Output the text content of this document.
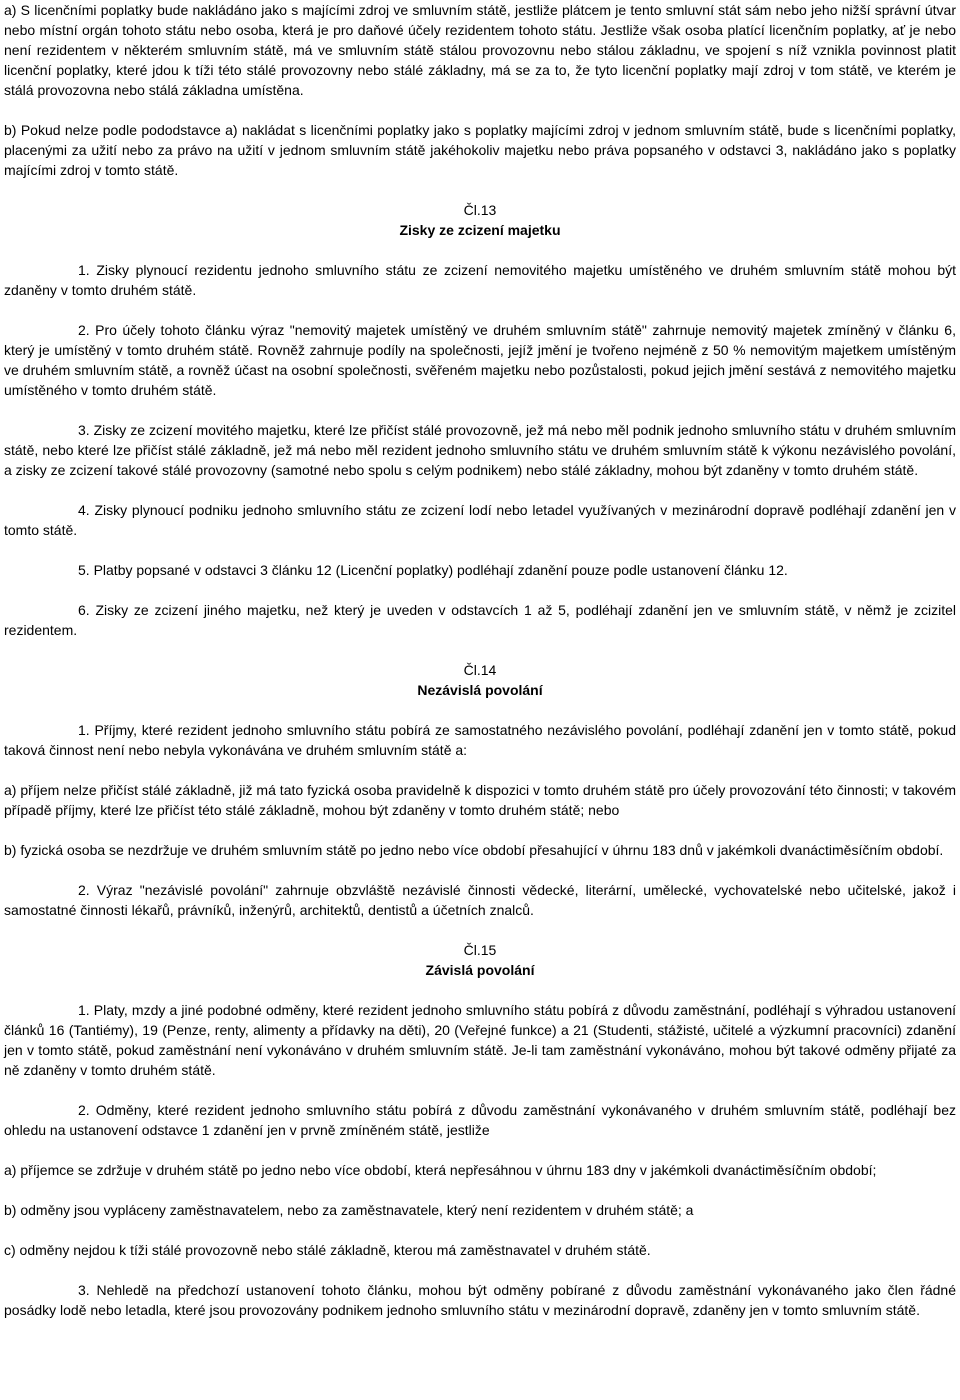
a) S licenčními poplatky bude nakládáno jako s majícími zdroj ve smluvním státě, jestliže plátcem je tento smluvní stát sám nebo jeho nižší správní útvar nebo místní orgán tohoto státu nebo osoba, která je pro daňové účely rezidentem tohoto státu. Jestliže však osoba platící licenčním poplatky, ať je nebo není rezidentem v některém smluvním státě, má ve smluvním státě stálou provozovnu nebo stálou základnu, ve spojení s níž vznikla povinnost platit licenční poplatky, které jdou k tíži této stálé provozovny nebo stálé základny, má se za to, že tyto licenční poplatky mají zdroj v tom státě, ve kterém je stálá provozovna nebo stálá základna umístěna.

b) Pokud nelze podle pododstavce a) nakládat s licenčními poplatky jako s poplatky majícími zdroj v jednom smluvním státě, bude s licenčními poplatky, placenými za užití nebo za právo na užití v jednom smluvním státě jakéhokoliv majetku nebo práva popsaného v odstavci 3, nakládáno jako s poplatky majícími zdroj v tomto státě.

Čl.13
Zisky ze zcizení majetku

1. Zisky plynoucí rezidentu jednoho smluvního státu ze zcizení nemovitého majetku umístěného ve druhém smluvním státě mohou být zdaněny v tomto druhém státě.

2. Pro účely tohoto článku výraz "nemovitý majetek umístěný ve druhém smluvním státě" zahrnuje nemovitý majetek zmíněný v článku 6, který je umístěný v tomto druhém státě. Rovněž zahrnuje podíly na společnosti, jejíž jmění je tvořeno nejméně z 50 % nemovitým majetkem umístěným ve druhém smluvním státě, a rovněž účast na osobní společnosti, svěřeném majetku nebo pozůstalosti, pokud jejich jmění sestává z nemovitého majetku umístěného v tomto druhém státě.

3. Zisky ze zcizení movitého majetku, které lze přičíst stálé provozovně, jež má nebo měl podnik jednoho smluvního státu v druhém smluvním státě, nebo které lze přičíst stálé základně, jež má nebo měl rezident jednoho smluvního státu ve druhém smluvním státě k výkonu nezávislého povolání, a zisky ze zcizení takové stálé provozovny (samotné nebo spolu s celým podnikem) nebo stálé základny, mohou být zdaněny v tomto druhém státě.

4. Zisky plynoucí podniku jednoho smluvního státu ze zcizení lodí nebo letadel využívaných v mezinárodní dopravě podléhají zdanění jen v tomto státě.

5. Platby popsané v odstavci 3 článku 12 (Licenční poplatky) podléhají zdanění pouze podle ustanovení článku 12.

6. Zisky ze zcizení jiného majetku, než který je uveden v odstavcích 1 až 5, podléhají zdanění jen ve smluvním státě, v němž je zcizitel rezidentem.

Čl.14
Nezávislá povolání

1. Příjmy, které rezident jednoho smluvního státu pobírá ze samostatného nezávislého povolání, podléhají zdanění jen v tomto státě, pokud taková činnost není nebo nebyla vykonávána ve druhém smluvním státě a:

a) příjem nelze přičíst stálé základně, již má tato fyzická osoba pravidelně k dispozici v tomto druhém státě pro účely provozování této činnosti; v takovém případě příjmy, které lze přičíst této stálé základně, mohou být zdaněny v tomto druhém státě; nebo

b) fyzická osoba se nezdržuje ve druhém smluvním státě po jedno nebo více období přesahující v úhrnu 183 dnů v jakémkoli dvanáctiměsíčním období.

2. Výraz "nezávislé povolání" zahrnuje obzvláště nezávislé činnosti vědecké, literární, umělecké, vychovatelské nebo učitelské, jakož i samostatné činnosti lékařů, právníků, inženýrů, architektů, dentistů a účetních znalců.

Čl.15
Závislá povolání

1. Platy, mzdy a jiné podobné odměny, které rezident jednoho smluvního státu pobírá z důvodu zaměstnání, podléhají s výhradou ustanovení článků 16 (Tantiémy), 19 (Penze, renty, alimenty a přídavky na děti), 20 (Veřejné funkce) a 21 (Studenti, stážisté, učitelé a výzkumní pracovníci) zdanění jen v tomto státě, pokud zaměstnání není vykonáváno v druhém smluvním státě. Je-li tam zaměstnání vykonáváno, mohou být takové odměny přijaté za ně zdaněny v tomto druhém státě.

2. Odměny, které rezident jednoho smluvního státu pobírá z důvodu zaměstnání vykonávaného v druhém smluvním státě, podléhají bez ohledu na ustanovení odstavce 1 zdanění jen v prvně zmíněném státě, jestliže

a) příjemce se zdržuje v druhém státě po jedno nebo více období, která nepřesáhnou v úhrnu 183 dny v jakémkoli dvanáctiměsíčním období;

b) odměny jsou vypláceny zaměstnavatelem, nebo za zaměstnavatele, který není rezidentem v druhém státě; a

c) odměny nejdou k tíži stálé provozovně nebo stálé základně, kterou má zaměstnavatel v druhém státě.

3. Nehledě na předchozí ustanovení tohoto článku, mohou být odměny pobírané z důvodu zaměstnání vykonávaného jako člen řádné posádky lodě nebo letadla, které jsou provozovány podnikem jednoho smluvního státu v mezinárodní dopravě, zdaněny jen v tomto smluvním státě.
